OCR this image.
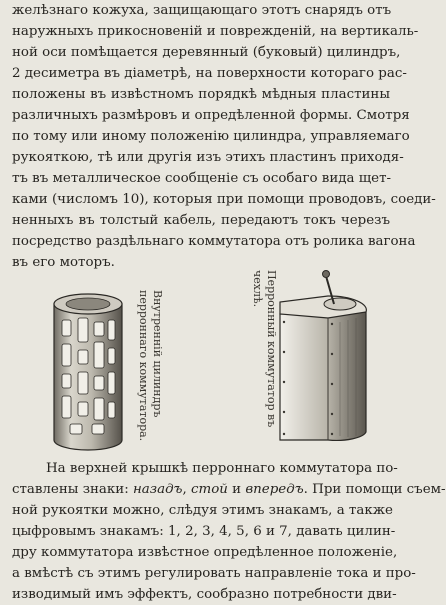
желѣзнаго кожуха, защищающаго этотъ снарядъ отъ
наружныхъ прикосновеній и поврежденій, на вертикаль-
ной оси помѣщается деревянный (буковый) цилиндръ,
2 десиметра въ діаметрѣ, на поверхности котораго рас-
положены въ извѣстномъ порядкѣ мѣдныя пластины
различныхъ размѣровъ и опредѣленной формы. Смотря
по тому или иному положенію цилиндра, управляемаго
рукояткою, тѣ или другія изъ этихъ пластинъ приходя-
тъ въ металлическое сообщеніе съ особаго вида щет-
ками (числомъ 10), которыя при помощи проводовъ, соеди-
ненныхъ въ толстый кабель, передаютъ токъ черезъ
посредство раздѣльнаго коммутатора отъ ролика вагона
въ его моторъ.
Внутренній цилиндръ перроннаго коммутатора.	Перронный коммутатор въ чехлѣ.
На верхней крышкѣ перроннаго коммутатора по-
ставлены знаки: назадъ, стой и впередъ. При помощи съем-
ной рукоятки можно, слѣдуя этимъ знакамъ, а также
цыфровымъ знакамъ: 1, 2, 3, 4, 5, 6 и 7, давать цилин-
дру коммутатора извѣстное опредѣленное положеніе,
а вмѣстѣ съ этимъ регулировать направленіе тока и про-
изводимый имъ эффектъ, сообразно потребности дви-
